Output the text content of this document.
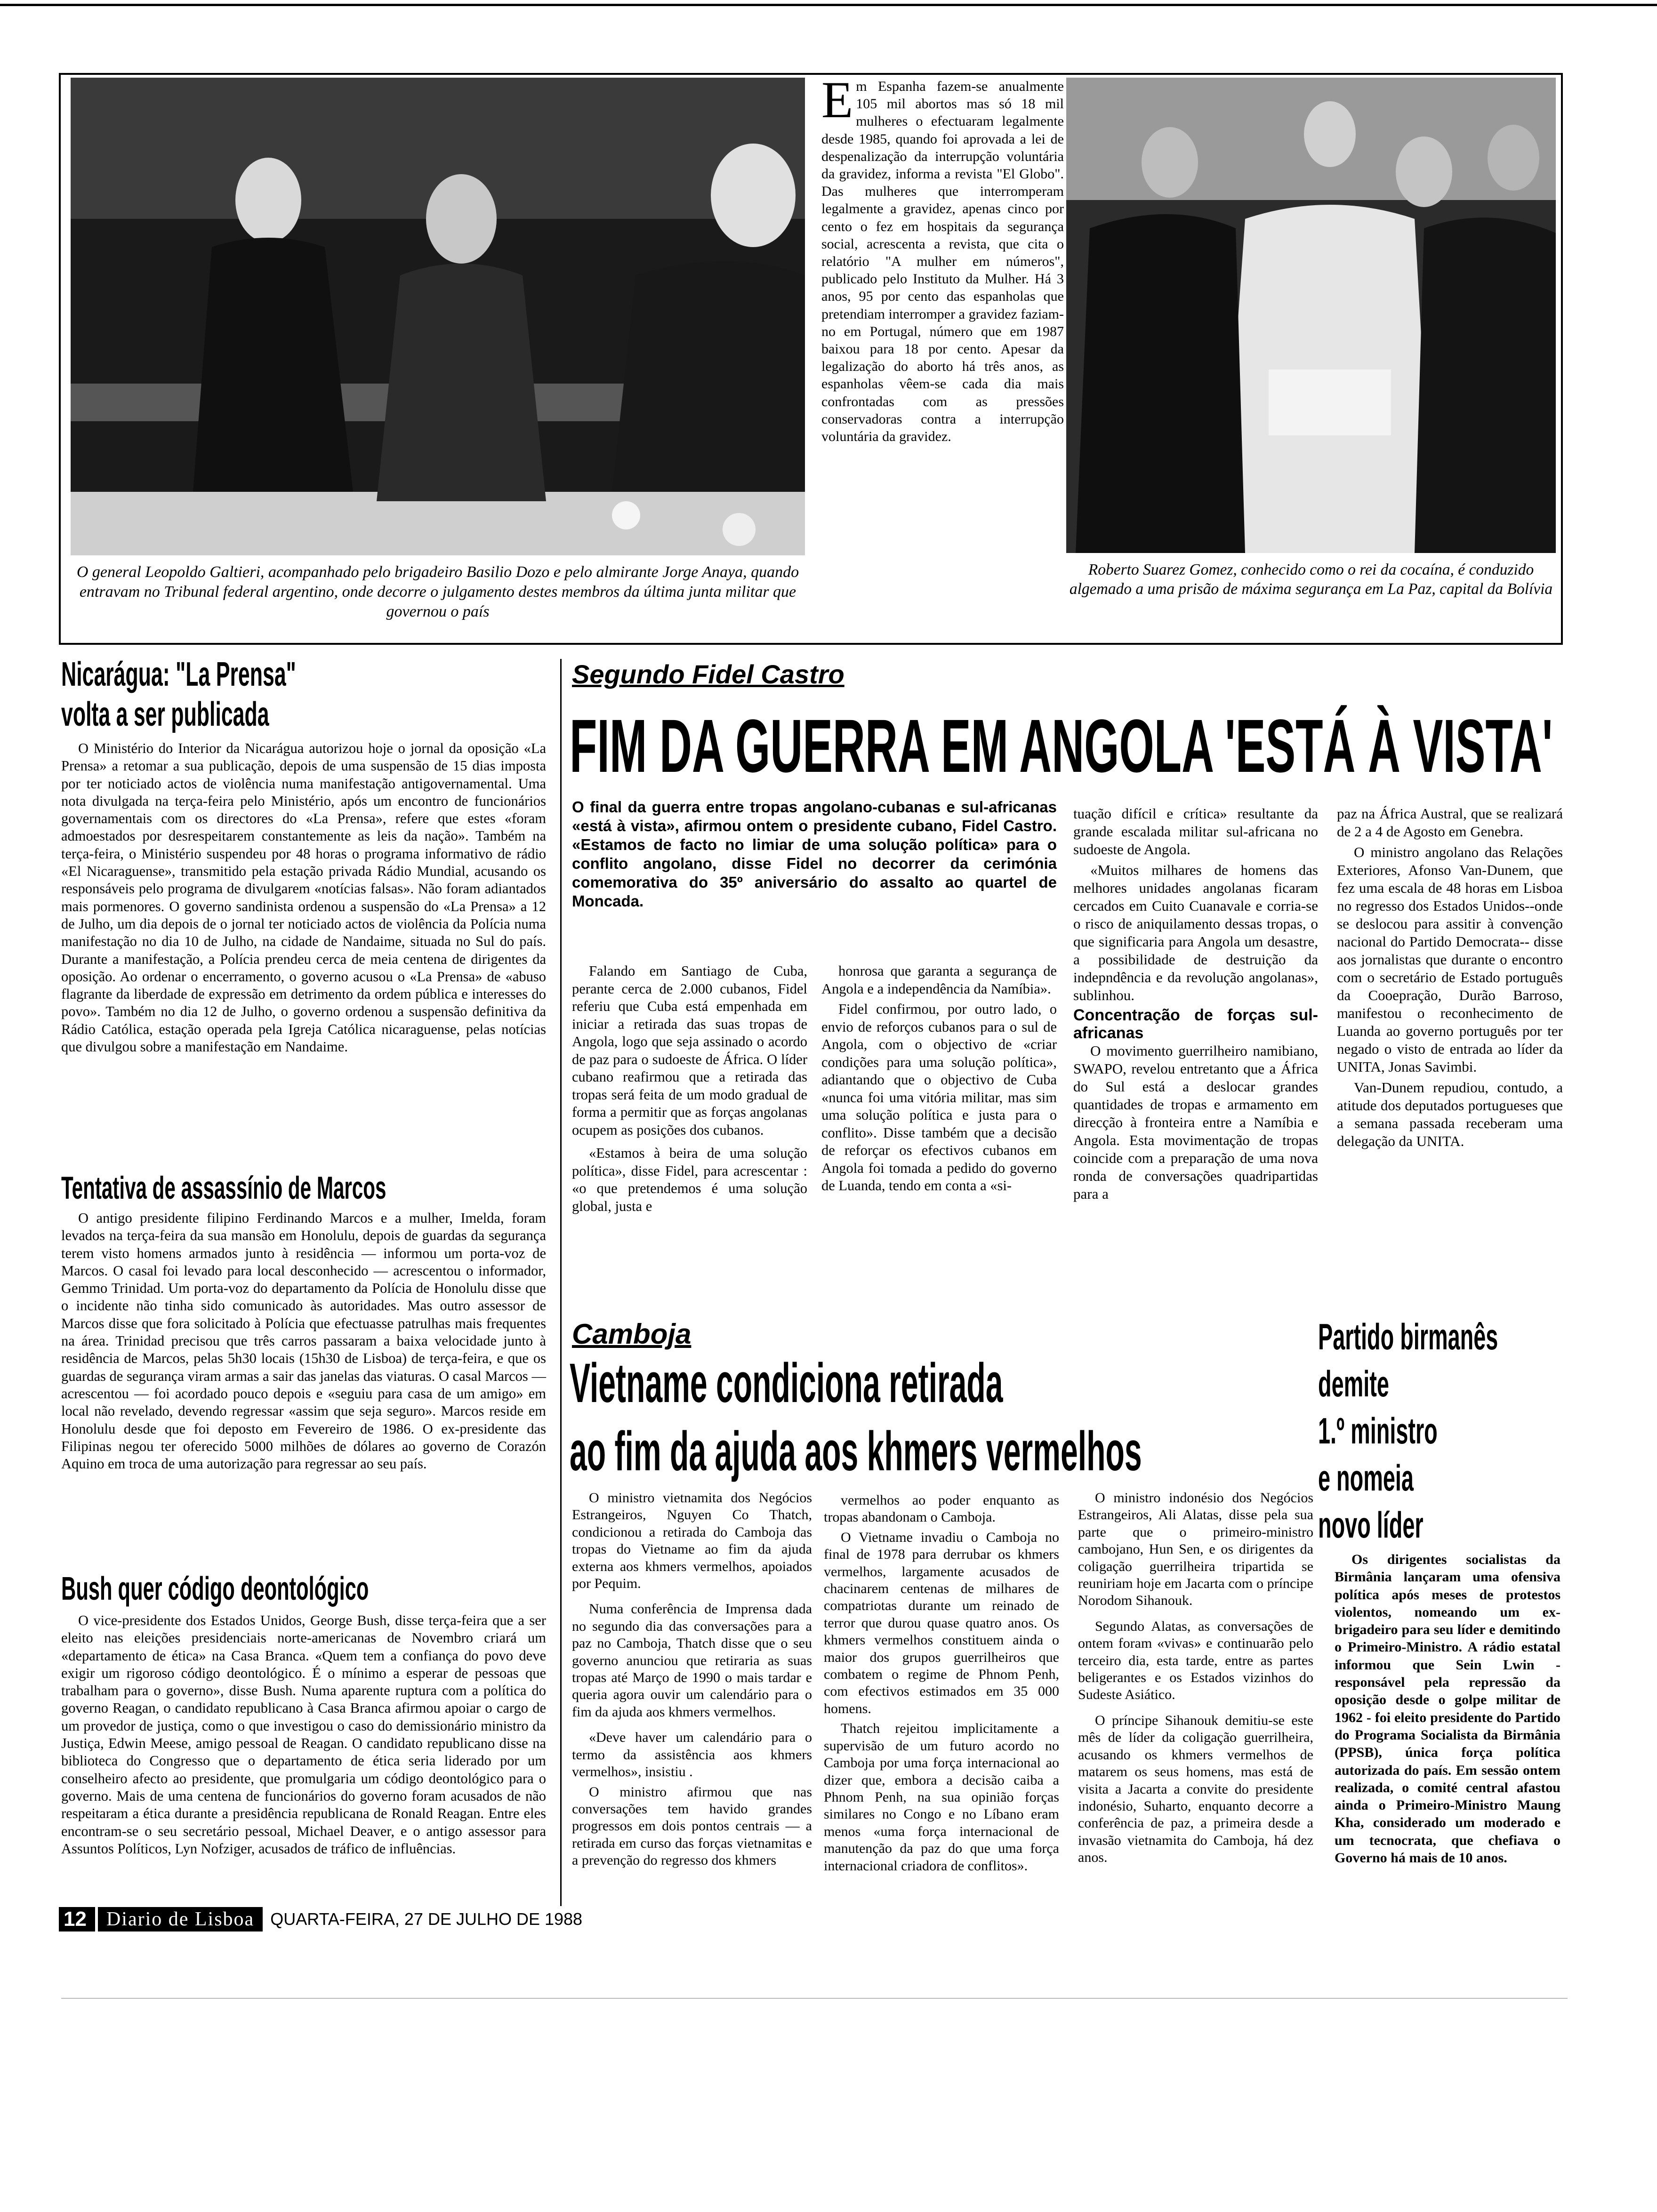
O general Leopoldo Galtieri, acompanhado pelo brigadeiro Basilio Dozo e pelo almirante Jorge Anaya, quando entravam no Tribunal federal argentino, onde decorre o julgamento destes membros da última junta militar que governou o país
Em Espanha fazem-se anualmente 105 mil abortos mas só 18 mil mulheres o efectuaram legalmente desde 1985, quando foi aprovada a lei de despenalização da interrupção voluntária da gravidez, informa a revista "El Globo". Das mulheres que interromperam legalmente a gravidez, apenas cinco por cento o fez em hospitais da segurança social, acrescenta a revista, que cita o relatório "A mulher em números", publicado pelo Instituto da Mulher. Há 3 anos, 95 por cento das espanholas que pretendiam interromper a gravidez faziam-no em Portugal, número que em 1987 baixou para 18 por cento. Apesar da legalização do aborto há três anos, as espanholas vêem-se cada dia mais confrontadas com as pressões conservadoras contra a interrupção voluntária da gravidez.
Roberto Suarez Gomez, conhecido como o rei da cocaína, é conduzido algemado a uma prisão de máxima segurança em La Paz, capital da Bolívia
Nicarágua: "La Prensa"
volta a ser publicada

O Ministério do Interior da Nicarágua autorizou hoje o jornal da oposição «La Prensa» a retomar a sua publicação, depois de uma suspensão de 15 dias imposta por ter noticiado actos de violência numa manifestação antigovernamental. Uma nota divulgada na terça-feira pelo Ministério, após um encontro de funcionários governamentais com os directores do «La Prensa», refere que estes «foram admoestados por desrespeitarem constantemente as leis da nação». Também na terça-feira, o Ministério suspendeu por 48 horas o programa informativo de rádio «El Nicaraguense», transmitido pela estação privada Rádio Mundial, acusando os responsáveis pelo programa de divulgarem «notícias falsas». Não foram adiantados mais pormenores. O governo sandinista ordenou a suspensão do «La Prensa» a 12 de Julho, um dia depois de o jornal ter noticiado actos de violência da Polícia numa manifestação no dia 10 de Julho, na cidade de Nandaime, situada no Sul do país. Durante a manifestação, a Polícia prendeu cerca de meia centena de dirigentes da oposição. Ao ordenar o encerramento, o governo acusou o «La Prensa» de «abuso flagrante da liberdade de expressão em detrimento da ordem pública e interesses do povo». Também no dia 12 de Julho, o governo ordenou a suspensão definitiva da Rádio Católica, estação operada pela Igreja Católica nicaraguense, pelas notícias que divulgou sobre a manifestação em Nandaime.

Tentativa de assassínio de Marcos

O antigo presidente filipino Ferdinando Marcos e a mulher, Imelda, foram levados na terça-feira da sua mansão em Honolulu, depois de guardas da segurança terem visto homens armados junto à residência — informou um porta-voz de Marcos. O casal foi levado para local desconhecido — acrescentou o informador, Gemmo Trinidad. Um porta-voz do departamento da Polícia de Honolulu disse que o incidente não tinha sido comunicado às autoridades. Mas outro assessor de Marcos disse que fora solicitado à Polícia que efectuasse patrulhas mais frequentes na área. Trinidad precisou que três carros passaram a baixa velocidade junto à residência de Marcos, pelas 5h30 locais (15h30 de Lisboa) de terça-feira, e que os guardas de segurança viram armas a sair das janelas das viaturas. O casal Marcos — acrescentou — foi acordado pouco depois e «seguiu para casa de um amigo» em local não revelado, devendo regressar «assim que seja seguro». Marcos reside em Honolulu desde que foi deposto em Fevereiro de 1986. O ex-presidente das Filipinas negou ter oferecido 5000 milhões de dólares ao governo de Corazón Aquino em troca de uma autorização para regressar ao seu país.

Bush quer código deontológico

O vice-presidente dos Estados Unidos, George Bush, disse terça-feira que a ser eleito nas eleições presidenciais norte-americanas de Novembro criará um «departamento de ética» na Casa Branca. «Quem tem a confiança do povo deve exigir um rigoroso código deontológico. É o mínimo a esperar de pessoas que trabalham para o governo», disse Bush. Numa aparente ruptura com a política do governo Reagan, o candidato republicano à Casa Branca afirmou apoiar o cargo de um provedor de justiça, como o que investigou o caso do demissionário ministro da Justiça, Edwin Meese, amigo pessoal de Reagan. O candidato republicano disse na biblioteca do Congresso que o departamento de ética seria liderado por um conselheiro afecto ao presidente, que promulgaria um código deontológico para o governo. Mais de uma centena de funcionários do governo foram acusados de não respeitaram a ética durante a presidência republicana de Ronald Reagan. Entre eles encontram-se o seu secretário pessoal, Michael Deaver, e o antigo assessor para Assuntos Políticos, Lyn Nofziger, acusados de tráfico de influências.

Segundo Fidel Castro
FIM DA GUERRA EM ANGOLA 'ESTÁ À VISTA'
O final da guerra entre tropas angolano-cubanas e sul-africanas «está à vista», afirmou ontem o presidente cubano, Fidel Castro. «Estamos de facto no limiar de uma solução política» para o conflito angolano, disse Fidel no decorrer da cerimónia comemorativa do 35º aniversário do assalto ao quartel de Moncada.

Falando em Santiago de Cuba, perante cerca de 2.000 cubanos, Fidel referiu que Cuba está empenhada em iniciar a retirada das suas tropas de Angola, logo que seja assinado o acordo de paz para o sudoeste de África. O líder cubano reafirmou que a retirada das tropas será feita de um modo gradual de forma a permitir que as forças angolanas ocupem as posições dos cubanos.

«Estamos à beira de uma solução política», disse Fidel, para acrescentar : «o que pretendemos é uma solução global, justa e

honrosa que garanta a segurança de Angola e a independência da Namíbia».

Fidel confirmou, por outro lado, o envio de reforços cubanos para o sul de Angola, com o objectivo de «criar condições para uma solução política», adiantando que o objectivo de Cuba «nunca foi uma vitória militar, mas sim uma solução política e justa para o conflito». Disse também que a decisão de reforçar os efectivos cubanos em Angola foi tomada a pedido do governo de Luanda, tendo em conta a «si-

tuação difícil e crítica» resultante da grande escalada militar sul-africana no sudoeste de Angola.

«Muitos milhares de homens das melhores unidades angolanas ficaram cercados em Cuito Cuanavale e corria-se o risco de aniquilamento dessas tropas, o que significaria para Angola um desastre, a possibilidade de destruição da indepndência e da revolução angolanas», sublinhou.

Concentração de forças sul-africanas

O movimento guerrilheiro namibiano, SWAPO, revelou entretanto que a África do Sul está a deslocar grandes quantidades de tropas e armamento em direcção à fronteira entre a Namíbia e Angola. Esta movimentação de tropas coincide com a preparação de uma nova ronda de conversações quadripartidas para a

paz na África Austral, que se realizará de 2 a 4 de Agosto em Genebra.

O ministro angolano das Relações Exteriores, Afonso Van-Dunem, que fez uma escala de 48 horas em Lisboa no regresso dos Estados Unidos--onde se deslocou para assitir à convenção nacional do Partido Democrata-- disse aos jornalistas que durante o encontro com o secretário de Estado português da Cooepração, Durão Barroso, manifestou o reconhecimento de Luanda ao governo português por ter negado o visto de entrada ao líder da UNITA, Jonas Savimbi.

Van-Dunem repudiou, contudo, a atitude dos deputados portugueses que a semana passada receberam uma delegação da UNITA.

Camboja
Vietname condiciona retirada
ao fim da ajuda aos khmers vermelhos

O ministro vietnamita dos Negócios Estrangeiros, Nguyen Co Thatch, condicionou a retirada do Camboja das tropas do Vietname ao fim da ajuda externa aos khmers vermelhos, apoiados por Pequim.

Numa conferência de Imprensa dada no segundo dia das conversações para a paz no Camboja, Thatch disse que o seu governo anunciou que retiraria as suas tropas até Março de 1990 o mais tardar e queria agora ouvir um calendário para o fim da ajuda aos khmers vermelhos.

«Deve haver um calendário para o termo da assistência aos khmers vermelhos», insistiu .

O ministro afirmou que nas conversações tem havido grandes progressos em dois pontos centrais — a retirada em curso das forças vietnamitas e a prevenção do regresso dos khmers

vermelhos ao poder enquanto as tropas abandonam o Camboja.

O Vietname invadiu o Camboja no final de 1978 para derrubar os khmers vermelhos, largamente acusados de chacinarem centenas de milhares de compatriotas durante um reinado de terror que durou quase quatro anos. Os khmers vermelhos constituem ainda o maior dos grupos guerrilheiros que combatem o regime de Phnom Penh, com efectivos estimados em 35 000 homens.

Thatch rejeitou implicitamente a supervisão de um futuro acordo no Camboja por uma força internacional ao dizer que, embora a decisão caiba a Phnom Penh, na sua opinião forças similares no Congo e no Líbano eram menos «uma força internacional de manutenção da paz do que uma força internacional criadora de conflitos».

O ministro indonésio dos Negócios Estrangeiros, Ali Alatas, disse pela sua parte que o primeiro-ministro cambojano, Hun Sen, e os dirigentes da coligação guerrilheira tripartida se reuniriam hoje em Jacarta com o príncipe Norodom Sihanouk.

Segundo Alatas, as conversações de ontem foram «vivas» e continuarão pelo terceiro dia, esta tarde, entre as partes beligerantes e os Estados vizinhos do Sudeste Asiático.

O príncipe Sihanouk demitiu-se este mês de líder da coligação guerrilheira, acusando os khmers vermelhos de matarem os seus homens, mas está de visita a Jacarta a convite do presidente indonésio, Suharto, enquanto decorre a conferência de paz, a primeira desde a invasão vietnamita do Camboja, há dez anos.

Partido birmanês
demite
1.º ministro
e nomeia
novo líder

Os dirigentes socialistas da Birmânia lançaram uma ofensiva política após meses de protestos violentos, nomeando um ex-brigadeiro para seu líder e demitindo o Primeiro-Ministro. A rádio estatal informou que Sein Lwin - responsável pela repressão da oposição desde o golpe militar de 1962 - foi eleito presidente do Partido do Programa Socialista da Birmânia (PPSB), única força política autorizada do país. Em sessão ontem realizada, o comité central afastou ainda o Primeiro-Ministro Maung Kha, considerado um moderado e um tecnocrata, que chefiava o Governo há mais de 10 anos.

12	Diario de Lisboa QUARTA-FEIRA, 27 DE JULHO DE 1988
